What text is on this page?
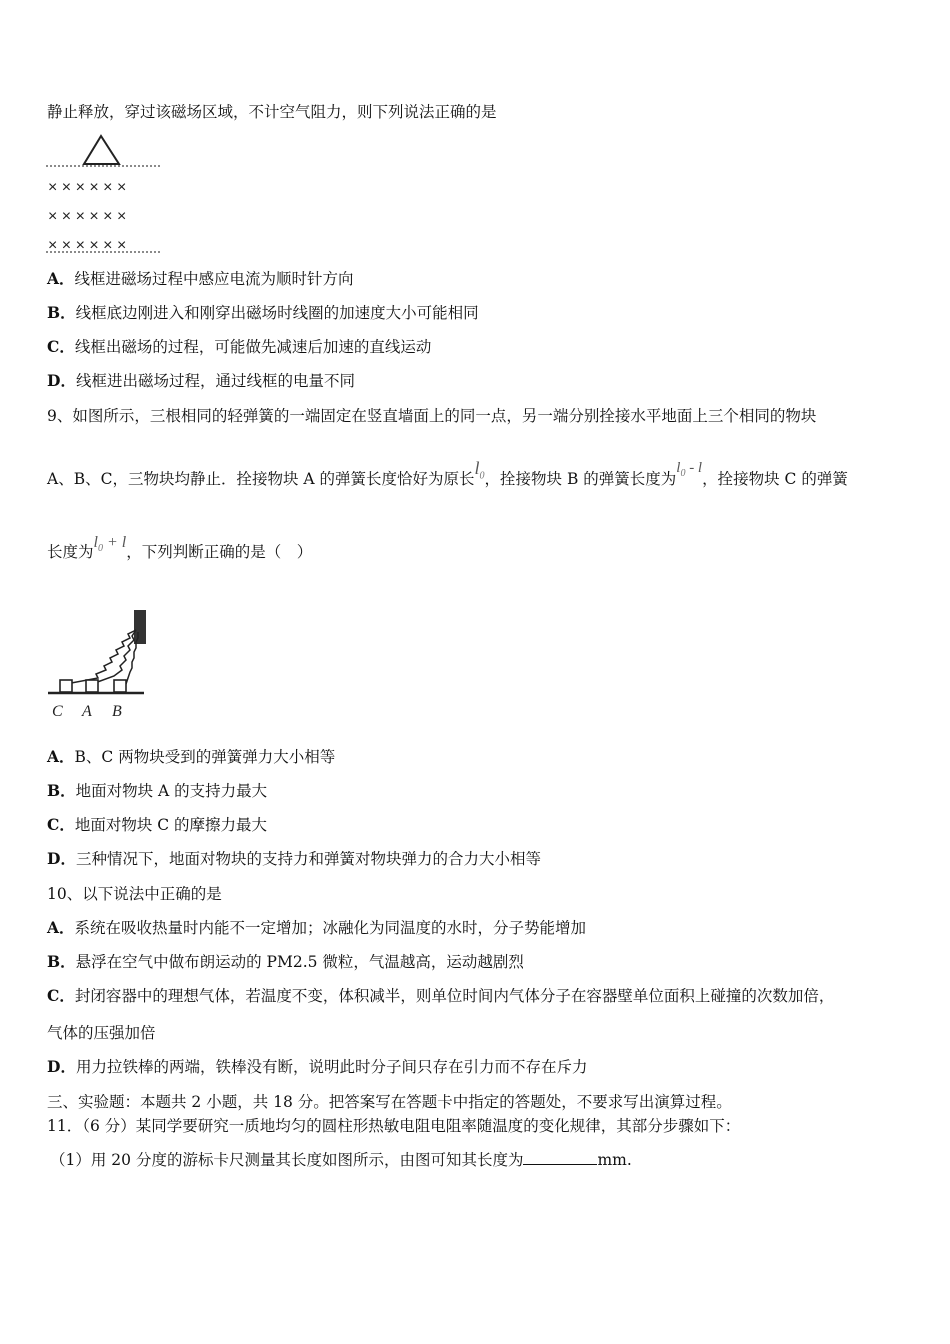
静止释放，穿过该磁场区域，不计空气阻力，则下列说法正确的是
× × × × × ×
× × × × × ×
× × × × × ×
A．线框进磁场过程中感应电流为顺时针方向
B．线框底边刚进入和刚穿出磁场时线圈的加速度大小可能相同
C．线框出磁场的过程，可能做先减速后加速的直线运动
D．线框进出磁场过程，通过线框的电量不同
9、如图所示，三根相同的轻弹簧的一端固定在竖直墙面上的同一点，另一端分别拴接水平地面上三个相同的物块
A、B、C，三物块均静止．拴接物块 A 的弹簧长度恰好为原长$l_0$，拴接物块 B 的弹簧长度为$l_0$ - l，拴接物块 C 的弹簧
长度为$l_0 + l$，下列判断正确的是（　）
C A B
A．B、C 两物块受到的弹簧弹力大小相等
B．地面对物块 A 的支持力最大
C．地面对物块 C 的摩擦力最大
D．三种情况下，地面对物块的支持力和弹簧对物块弹力的合力大小相等
10、以下说法中正确的是
A．系统在吸收热量时内能不一定增加；冰融化为同温度的水时，分子势能增加
B．悬浮在空气中做布朗运动的 PM2.5 微粒，气温越高，运动越剧烈
C．封闭容器中的理想气体，若温度不变，体积减半，则单位时间内气体分子在容器壁单位面积上碰撞的次数加倍，
气体的压强加倍
D．用力拉铁棒的两端，铁棒没有断，说明此时分子间只存在引力而不存在斥力
三、实验题：本题共 2 小题，共 18 分。把答案写在答题卡中指定的答题处，不要求写出演算过程。
11．（6 分）某同学要研究一质地均匀的圆柱形热敏电阻电阻率随温度的变化规律，其部分步骤如下：
（1）用 20 分度的游标卡尺测量其长度如图所示，由图可知其长度为	mm.
